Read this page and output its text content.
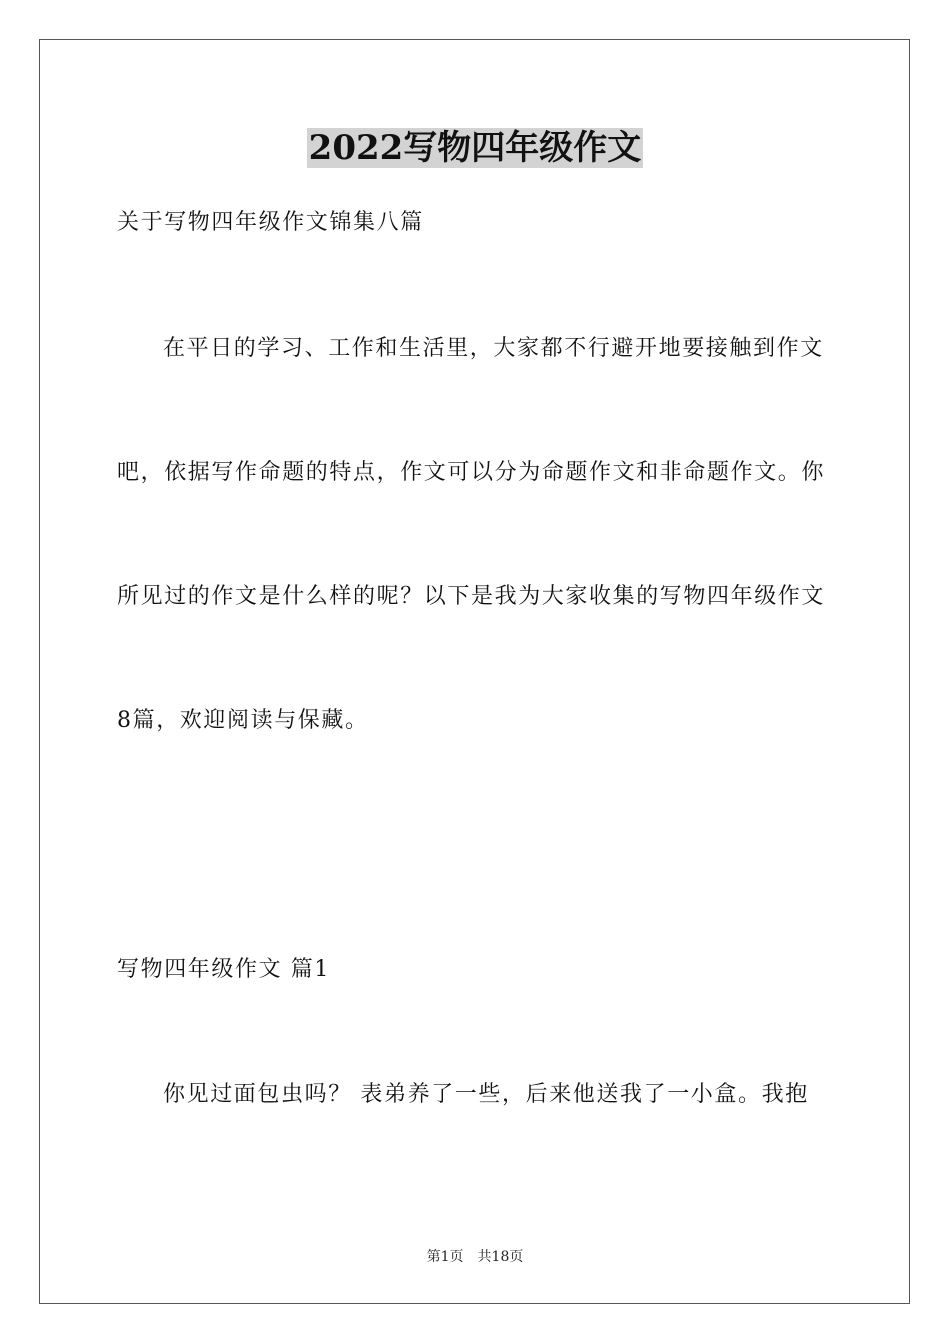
2022写物四年级作文
关于写物四年级作文锦集八篇
在平日的学习、工作和生活里，大家都不行避开地要接触到作文
吧，依据写作命题的特点，作文可以分为命题作文和非命题作文。你
所见过的作文是什么样的呢？以下是我为大家收集的写物四年级作文
8篇，欢迎阅读与保藏。
写物四年级作文 篇1
你见过面包虫吗？ 表弟养了一些，后来他送我了一小盒。我抱
第1页 共18页
